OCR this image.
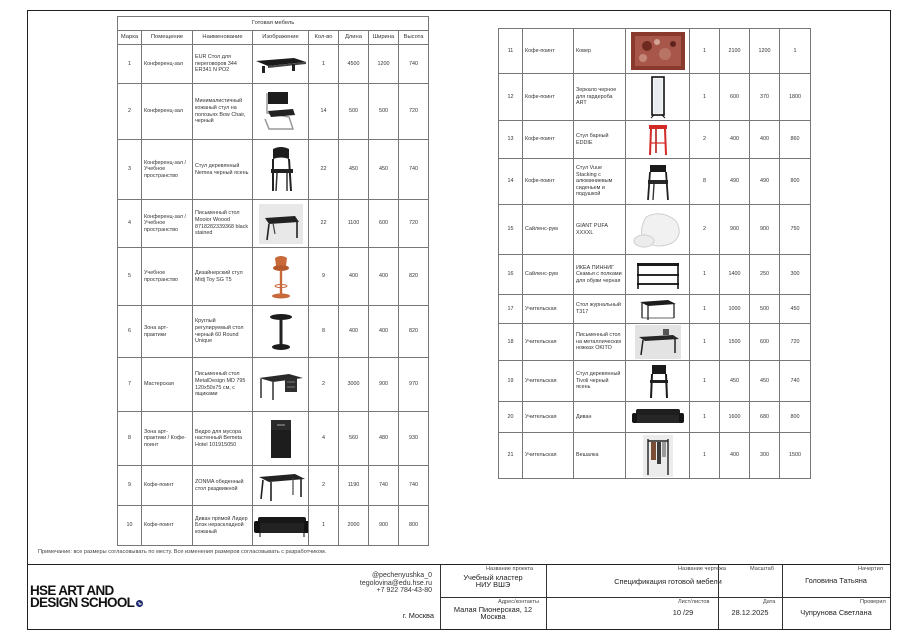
Готовая мебель							
Марка	Помещение	Наименование	Изображение	Кол-во	Длина	Ширина	Высота
1	Конференц-зал	EUR Стол для переговоров 344 ER341 N PO2		1	4500	1200	740
2	Конференц-зал	Минималистичный кожаный стул на полозьях Bow Chair, черный		14	500	500	720
3	Конференц-зал / Учебное пространство	Стул деревянный Nemea черный ясень		22	450	450	740
4	Конференц-зал / Учебное пространство	Письменный стол Mooior Woood 8718282339368 black stained		22	1100	600	720
5	Учебное пространство	Дизайнерский стул Midj Toy SG T5		9	400	400	820
6	Зона арт-практики	Круглый регулируемый стол черный 60 Round Unique		8	400	400	820
7	Мастерская	Письменный стол MetalDesign MD 795 120x50x75 см, с ящиками		2	3000	900	970
8	Зона арт-практики / Кофе-поинт	Ведро для мусора настенный Bemeta Hotel 101915050		4	560	480	930
9	Кофе-поинт	ZONMA обеденный стол раздвижной		2	1190	740	740
10	Кофе-поинт	Диван прямой Лидер Блэк нераскладной кожаный		1	2000	900	800
11	Кофе-поинт	Ковер		1	2100	1200	1
12	Кофе-поинт	Зеркало черное для гардероба ART		1	600	370	1800
13	Кофе-поинт	Стул барный EDDIE		2	400	400	860
14	Кофе-поинт	Стул Vuue Stacking с алюминиевым сиденьем и подушкой		8	490	490	800
15	Сайленс-рум	GIANT PUFA XXXXL		2	900	900	750
16	Сайленс-рум	ИКЕА ПИННИГ Скамья с полками для обуви черная		1	1400	250	300
17	Учительская	Стол журнальный T317		1	1000	500	450
18	Учительская	Письменный стол на металлических ножках OKITO		1	1500	600	720
19	Учительская	Стул деревянный Tivoli черный ясень		1	450	450	740
20	Учительская	Диван		1	1600	680	800
21	Учительская	Вешалка		1	400	300	1500
Примечание: все размеры согласовывать по месту. Все изменения размеров согласовывать с разработчиком.
Название проекта
Учебный кластер
НИУ ВШЭ
Адрес/контакты
Малая Пионерская, 12
Москва
Название чертежа
Спецификация готовой мебели
Лист/листов
10 /29
Масштаб
Дата
28.12.2025
Начертил
Головина Татьяна
Проверил
Чупрунова Светлана
г. Москва
HSE ART AND
DESIGN SCHOOL Ъ
@pechenyushka_0
tegolovina@edu.hse.ru
+7 922 784-43-80
